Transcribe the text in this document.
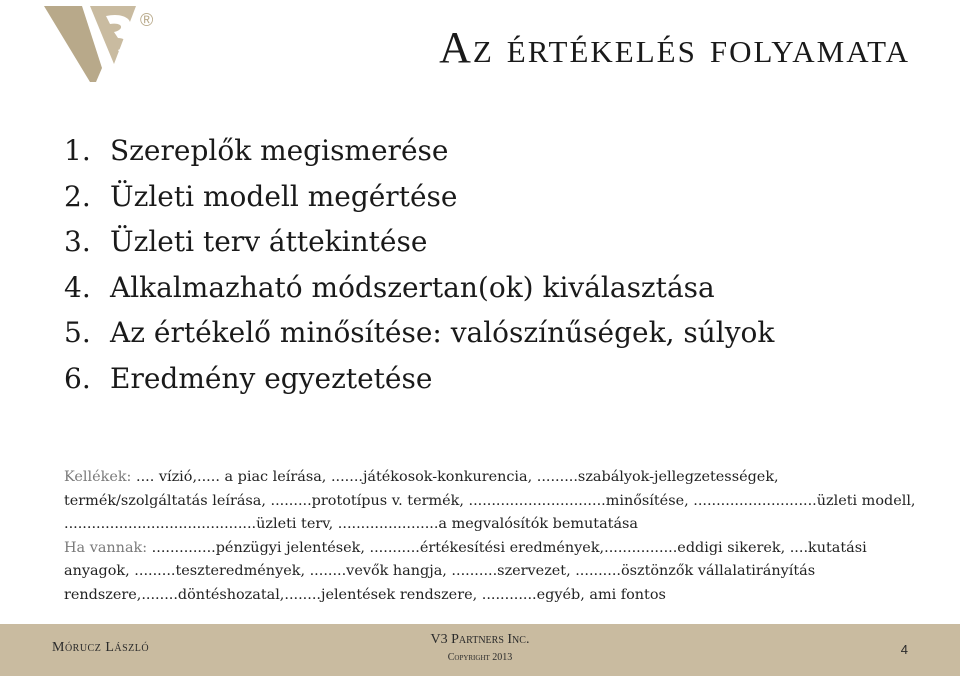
®
Az értékelés folyamata
1. Szereplők megismerése
2. Üzleti modell megértése
3. Üzleti terv áttekintése
4. Alkalmazható módszertan(ok) kiválasztása
5. Az értékelő minősítése: valószínűségek, súlyok
6. Eredmény egyeztetése

Kellékek: .... vízió,..... a piac leírása, .......játékosok-konkurencia, .........szabályok-jellegzetességek, termék/szolgáltatás leírása, .........prototípus v. termék, ..............................minősítése, ...........................üzleti modell, ..........................................üzleti terv, ......................a megvalósítók bemutatása

Ha vannak: ..............pénzügyi jelentések, ...........értékesítési eredmények,................eddigi sikerek, ....kutatási anyagok, .........teszteredmények, ........vevők hangja, ..........szervezet, ..........ösztönzők vállalatirányítás rendszere,........döntéshozatal,........jelentések rendszere, ............egyéb, ami fontos

Mórucz László
V3 Partners Inc.
Copyright 2013
4
